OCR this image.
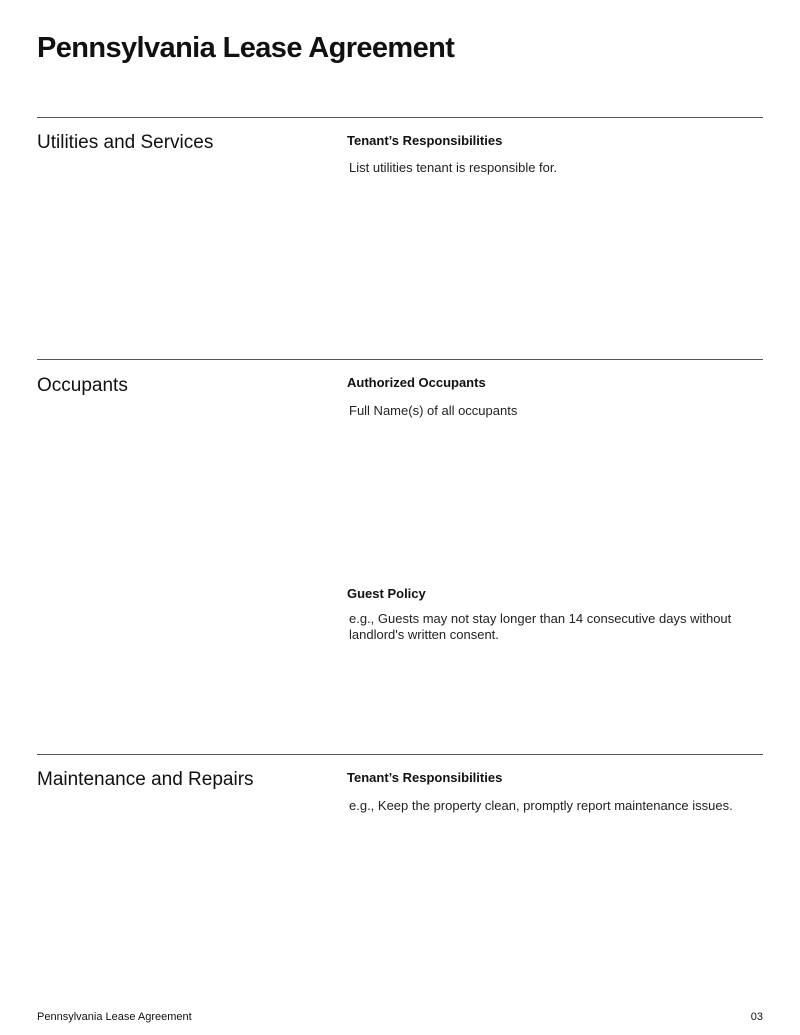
Pennsylvania Lease Agreement
Utilities and Services	Tenant’s Responsibilities
List utilities tenant is responsible for.
Occupants	Authorized Occupants
Full Name(s) of all occupants
Guest Policy
e.g., Guests may not stay longer than 14 consecutive days without landlord's written consent.
Maintenance and Repairs	Tenant’s Responsibilities
e.g., Keep the property clean, promptly report maintenance issues.
Pennsylvania Lease Agreement	03
